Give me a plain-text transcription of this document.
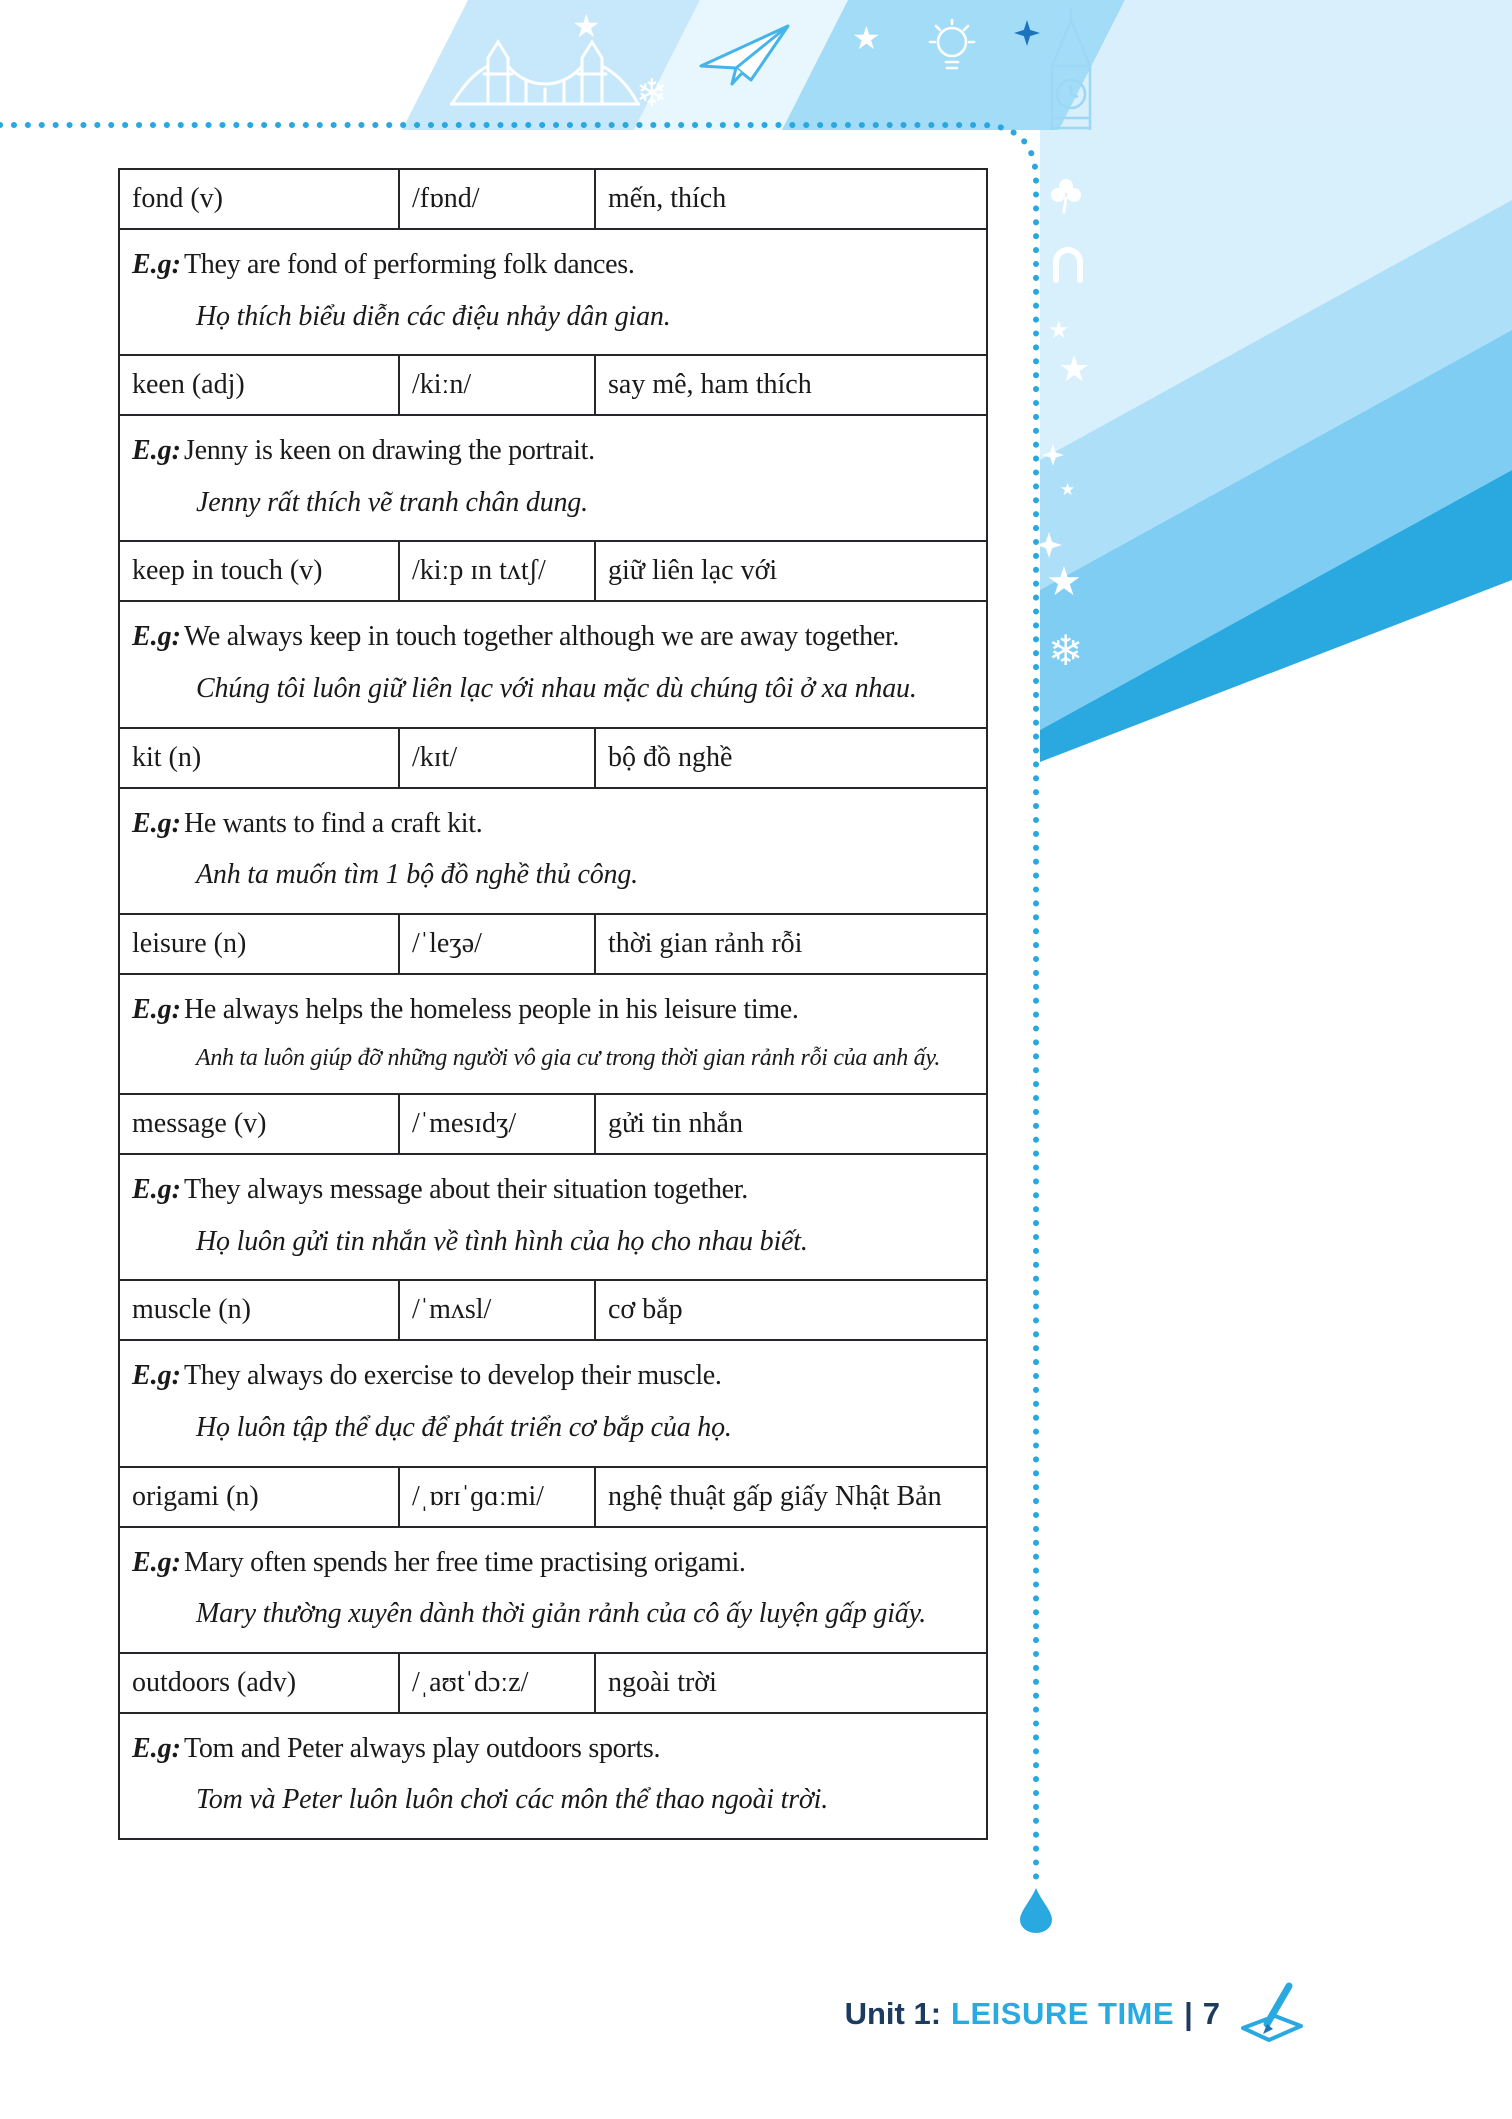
★
❄
★
★
★
★
★
❄
fond (v)	/fɒnd/	mến, thích

E.g: They are fond of performing folk dances.
Họ thích biểu diễn các điệu nhảy dân gian.		

keen (adj)	/kiːn/	say mê, ham thích

E.g: Jenny is keen on drawing the portrait.
Jenny rất thích vẽ tranh chân dung.		

keep in touch (v)	/kiːp ɪn tʌtʃ/	giữ liên lạc với

E.g: We always keep in touch together although we are away together.
Chúng tôi luôn giữ liên lạc với nhau mặc dù chúng tôi ở xa nhau.		

kit (n)	/kɪt/	bộ đồ nghề

E.g: He wants to find a craft kit.
Anh ta muốn tìm 1 bộ đồ nghề thủ công.		

leisure (n)	/ˈleʒə/	thời gian rảnh rỗi

E.g: He always helps the homeless people in his leisure time.
Anh ta luôn giúp đỡ những người vô gia cư trong thời gian rảnh rỗi của anh ấy.		

message (v)	/ˈmesɪdʒ/	gửi tin nhắn

E.g: They always message about their situation together.
Họ luôn gửi tin nhắn về tình hình của họ cho nhau biết.		

muscle (n)	/ˈmʌsl/	cơ bắp

E.g: They always do exercise to develop their muscle.
Họ luôn tập thể dục để phát triển cơ bắp của họ.		

origami (n)	/ˌɒrɪˈɡɑːmi/	nghệ thuật gấp giấy Nhật Bản

E.g: Mary often spends her free time practising origami.
Mary thường xuyên dành thời giản rảnh của cô ấy luyện gấp giấy.		

outdoors (adv)	/ˌaʊtˈdɔːz/	ngoài trời

E.g: Tom and Peter always play outdoors sports.
Tom và Peter luôn luôn chơi các môn thể thao ngoài trời.		
Unit 1: LEISURE TIME | 7
